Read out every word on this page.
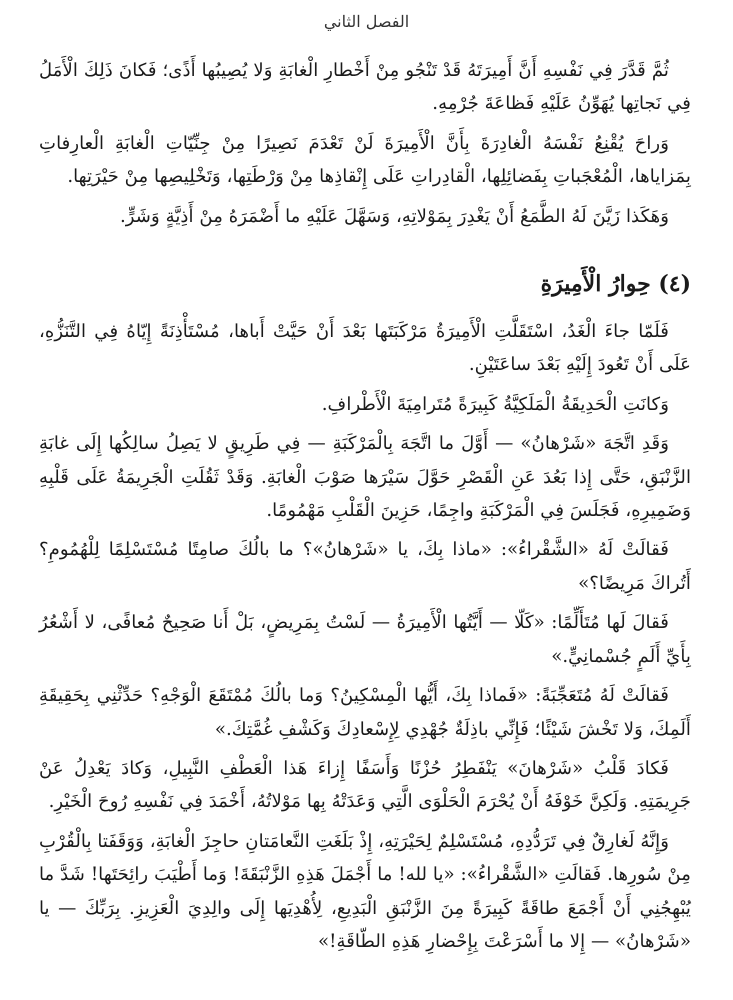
الفصل الثاني

ثُمَّ قَدَّرَ فِي نَفْسِهِ أَنَّ أَمِيرَتَهُ قَدْ تَنْجُو مِنْ أَخْطارِ الْغابَةِ وَلا يُصِيبُها أَذًى؛ فَكانَ ذَلِكَ الْأَمَلُ فِي نَجاتِها يُهَوِّنُ عَلَيْهِ فَظاعَةَ جُرْمِهِ.

وَراحَ يُقْنِعُ نَفْسَهُ الْغادِرَةَ بِأَنَّ الْأَمِيرَةَ لَنْ تَعْدَمَ نَصِيرًا مِنْ جِنِّيّاتِ الْغابَةِ الْعارِفاتِ بِمَزاياها، الْمُعْجَباتِ بِفَضائِلِها، الْقادِراتِ عَلَى إِنْقاذِها مِنْ وَرْطَتِها، وَتَخْلِيصِها مِنْ حَيْرَتِها.

وَهَكَذا زَيَّنَ لَهُ الطَّمَعُ أَنْ يَغْدِرَ بِمَوْلاتِهِ، وَسَهَّلَ عَلَيْهِ ما أَضْمَرَهُ مِنْ أَذِيَّةٍ وَشَرٍّ.

(٤) حِوارُ الْأَمِيرَةِ

فَلَمّا جاءَ الْغَدُ، اسْتَقَلَّتِ الْأَمِيرَةُ مَرْكَبَتَها بَعْدَ أَنْ حَيَّتْ أَباها، مُسْتَأْذِنَةً إِيّاهُ فِي التَّنَزُّهِ، عَلَى أَنْ تَعُودَ إِلَيْهِ بَعْدَ ساعَتَيْنِ.

وَكانَتِ الْحَدِيقَةُ الْمَلَكِيَّةُ كَبِيرَةً مُتَرامِيَةَ الْأَطْرافِ.

وَقَدِ اتَّجَهَ «شَرْهانُ» — أَوَّلَ ما اتَّجَهَ بِالْمَرْكَبَةِ — فِي طَرِيقٍ لا يَصِلُ سالِكُها إِلَى غابَةِ الزَّنْبَقِ، حَتَّى إِذا بَعُدَ عَنِ الْقَصْرِ حَوَّلَ سَيْرَها صَوْبَ الْغابَةِ. وَقَدْ ثَقُلَتِ الْجَرِيمَةُ عَلَى قَلْبِهِ وَضَمِيرِهِ، فَجَلَسَ فِي الْمَرْكَبَةِ واجِمًا، حَزِينَ الْقَلْبِ مَهْمُومًا.

فَقالَتْ لَهُ «الشَّقْراءُ»: «ماذا بِكَ، يا «شَرْهانُ»؟ ما بالُكَ صامِتًا مُسْتَسْلِمًا لِلْهُمُومِ؟ أَتُراكَ مَرِيضًا؟»

فَقالَ لَها مُتَأَلِّمًا: «كَلّا — أَيَّتُها الْأَمِيرَةُ — لَسْتُ بِمَرِيضٍ، بَلْ أَنا صَحِيحٌ مُعافًى، لا أَشْعُرُ بِأَيِّ أَلَمٍ جُسْمانِيٍّ.»

فَقالَتْ لَهُ مُتَعَجِّبَةً: «فَماذا بِكَ، أَيُّها الْمِسْكِينُ؟ وَما بالُكَ مُمْتَقَعَ الْوَجْهِ؟ حَدِّثْنِي بِحَقِيقَةِ أَلَمِكَ، وَلا تَخْشَ شَيْئًا؛ فَإِنِّي باذِلَةٌ جُهْدِي لِإِسْعادِكَ وَكَشْفِ غُمَّتِكَ.»

فَكادَ قَلْبُ «شَرْهانَ» يَنْفَطِرُ حُزْنًا وَأَسَفًا إِزاءَ هَذا الْعَطْفِ النَّبِيلِ، وَكادَ يَعْدِلُ عَنْ جَرِيمَتِهِ. وَلَكِنَّ خَوْفَهُ أَنْ يُحْرَمَ الْحَلْوَى الَّتِي وَعَدَتْهُ بِها مَوْلاتُهُ، أَخْمَدَ فِي نَفْسِهِ رُوحَ الْخَيْرِ.

وَإِنَّهُ لَغارِقٌ فِي تَرَدُّدِهِ، مُسْتَسْلِمٌ لِحَيْرَتِهِ، إِذْ بَلَغَتِ النَّعامَتانِ حاجِزَ الْغابَةِ، وَوَقَفَتا بِالْقُرْبِ مِنْ سُورِها. فَقالَتِ «الشَّقْراءُ»: «يا لله! ما أَجْمَلَ هَذِهِ الزَّنْبَقَةَ! وَما أَطْيَبَ رائِحَتَها! شَدَّ ما يُبْهِجُنِي أَنْ أَجْمَعَ طاقَةً كَبِيرَةً مِنَ الزَّنْبَقِ الْبَدِيعِ، لِأُهْدِيَها إِلَى والِدِيَ الْعَزِيزِ. بِرَبِّكَ — يا «شَرْهانُ» — إِلا ما أَسْرَعْتَ بِإِحْضارِ هَذِهِ الطّاقَةِ!»
